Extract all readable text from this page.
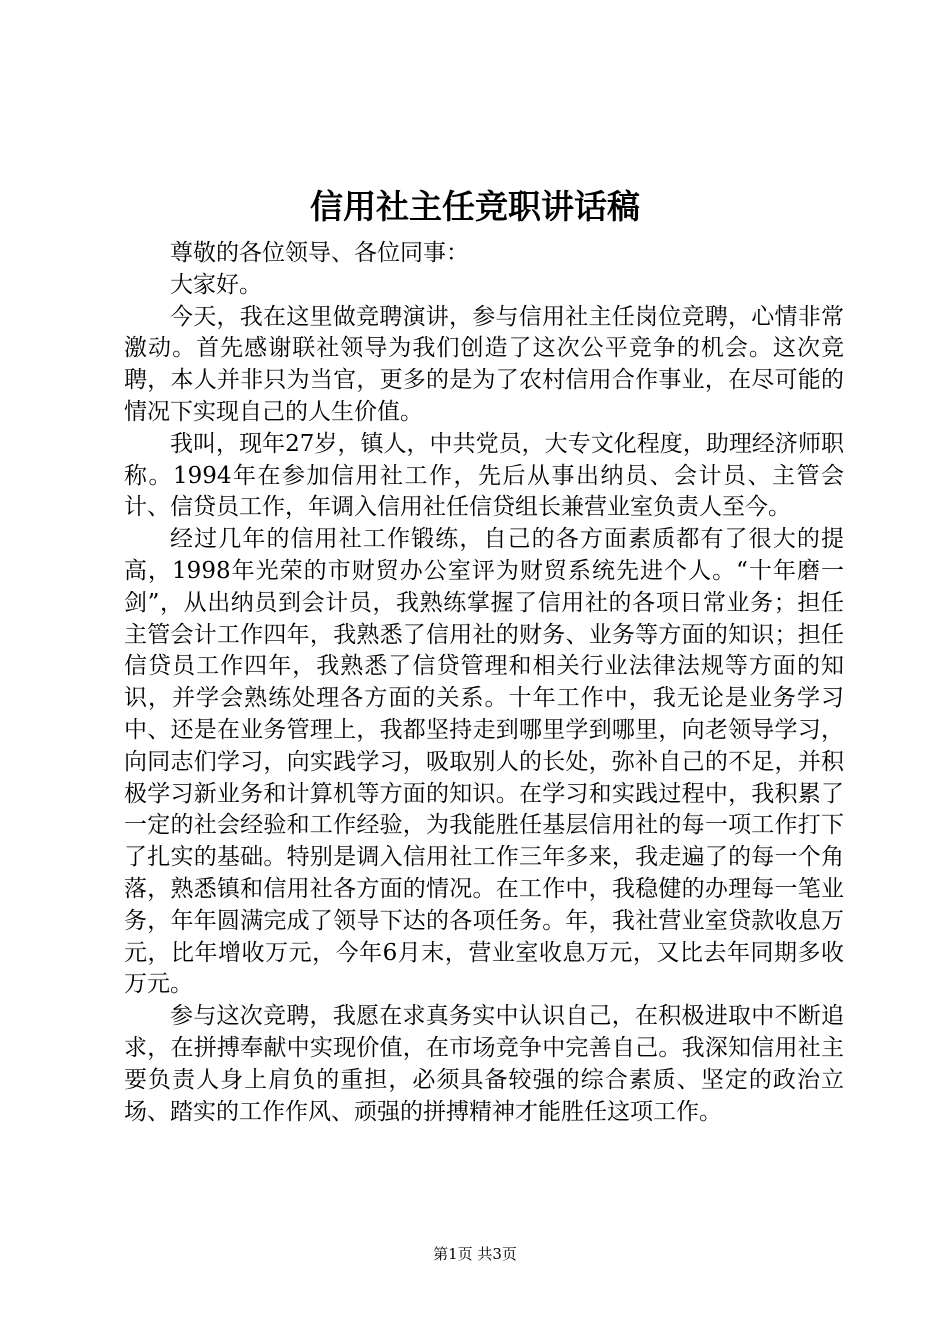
信用社主任竞职讲话稿

尊敬的各位领导、各位同事：

大家好。

今天，我在这里做竞聘演讲，参与信用社主任岗位竞聘，心情非常激动。首先感谢联社领导为我们创造了这次公平竞争的机会。这次竞聘，本人并非只为当官，更多的是为了农村信用合作事业，在尽可能的情况下实现自己的人生价值。

我叫，现年27岁，镇人，中共党员，大专文化程度，助理经济师职称。1994年在参加信用社工作，先后从事出纳员、会计员、主管会计、信贷员工作，年调入信用社任信贷组长兼营业室负责人至今。

经过几年的信用社工作锻练，自己的各方面素质都有了很大的提高，1998年光荣的市财贸办公室评为财贸系统先进个人。“十年磨一剑”，从出纳员到会计员，我熟练掌握了信用社的各项日常业务；担任主管会计工作四年，我熟悉了信用社的财务、业务等方面的知识；担任信贷员工作四年，我熟悉了信贷管理和相关行业法律法规等方面的知识，并学会熟练处理各方面的关系。十年工作中，我无论是业务学习中、还是在业务管理上，我都坚持走到哪里学到哪里，向老领导学习，向同志们学习，向实践学习，吸取别人的长处，弥补自己的不足，并积极学习新业务和计算机等方面的知识。在学习和实践过程中，我积累了一定的社会经验和工作经验，为我能胜任基层信用社的每一项工作打下了扎实的基础。特别是调入信用社工作三年多来，我走遍了的每一个角落，熟悉镇和信用社各方面的情况。在工作中，我稳健的办理每一笔业务，年年圆满完成了领导下达的各项任务。年，我社营业室贷款收息万元，比年增收万元，今年6月末，营业室收息万元，又比去年同期多收万元。

参与这次竞聘，我愿在求真务实中认识自己，在积极进取中不断追求，在拼搏奉献中实现价值，在市场竞争中完善自己。我深知信用社主要负责人身上肩负的重担，必须具备较强的综合素质、坚定的政治立场、踏实的工作作风、顽强的拼搏精神才能胜任这项工作。

第1页 共3页
